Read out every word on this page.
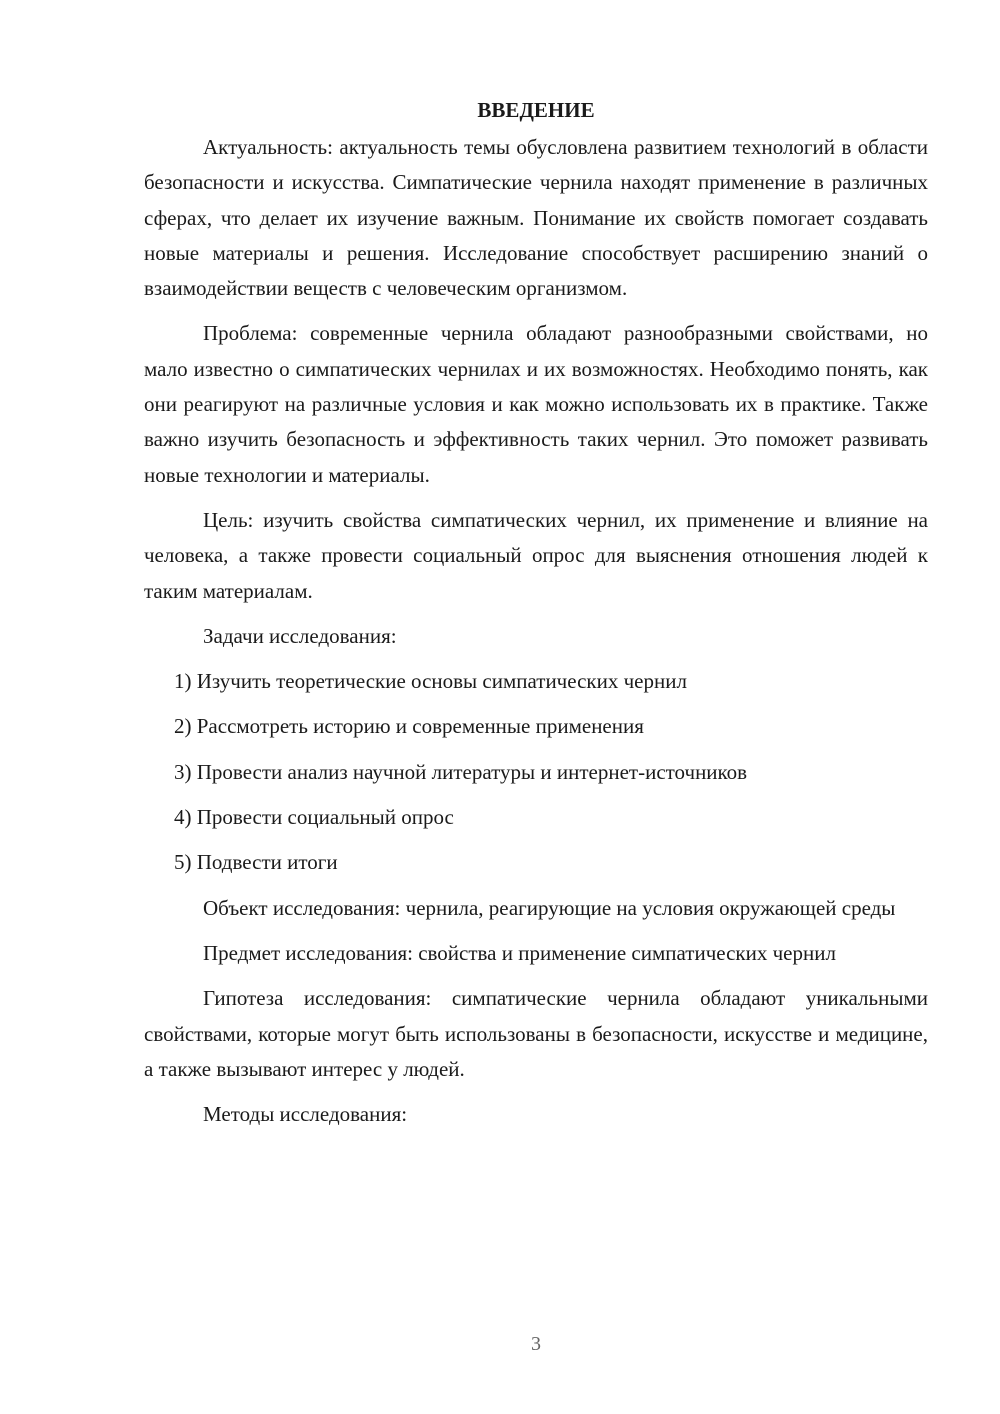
ВВЕДЕНИЕ

Актуальность: актуальность темы обусловлена развитием технологий в области безопасности и искусства. Симпатические чернила находят применение в различных сферах, что делает их изучение важным. Понимание их свойств помогает создавать новые материалы и решения. Исследование способствует расширению знаний о взаимодействии веществ с человеческим организмом.

Проблема: современные чернила обладают разнообразными свойствами, но мало известно о симпатических чернилах и их возможностях. Необходимо понять, как они реагируют на различные условия и как можно использовать их в практике. Также важно изучить безопасность и эффективность таких чернил. Это поможет развивать новые технологии и материалы.

Цель: изучить свойства симпатических чернил, их применение и влияние на человека, а также провести социальный опрос для выяснения отношения людей к таким материалам.

Задачи исследования:

1) Изучить теоретические основы симпатических чернил
2) Рассмотреть историю и современные применения
3) Провести анализ научной литературы и интернет-источников
4) Провести социальный опрос
5) Подвести итоги

Объект исследования: чернила, реагирующие на условия окружающей среды

Предмет исследования: свойства и применение симпатических чернил

Гипотеза исследования: симпатические чернила обладают уникальными свойствами, которые могут быть использованы в безопасности, искусстве и медицине, а также вызывают интерес у людей.

Методы исследования:

3
